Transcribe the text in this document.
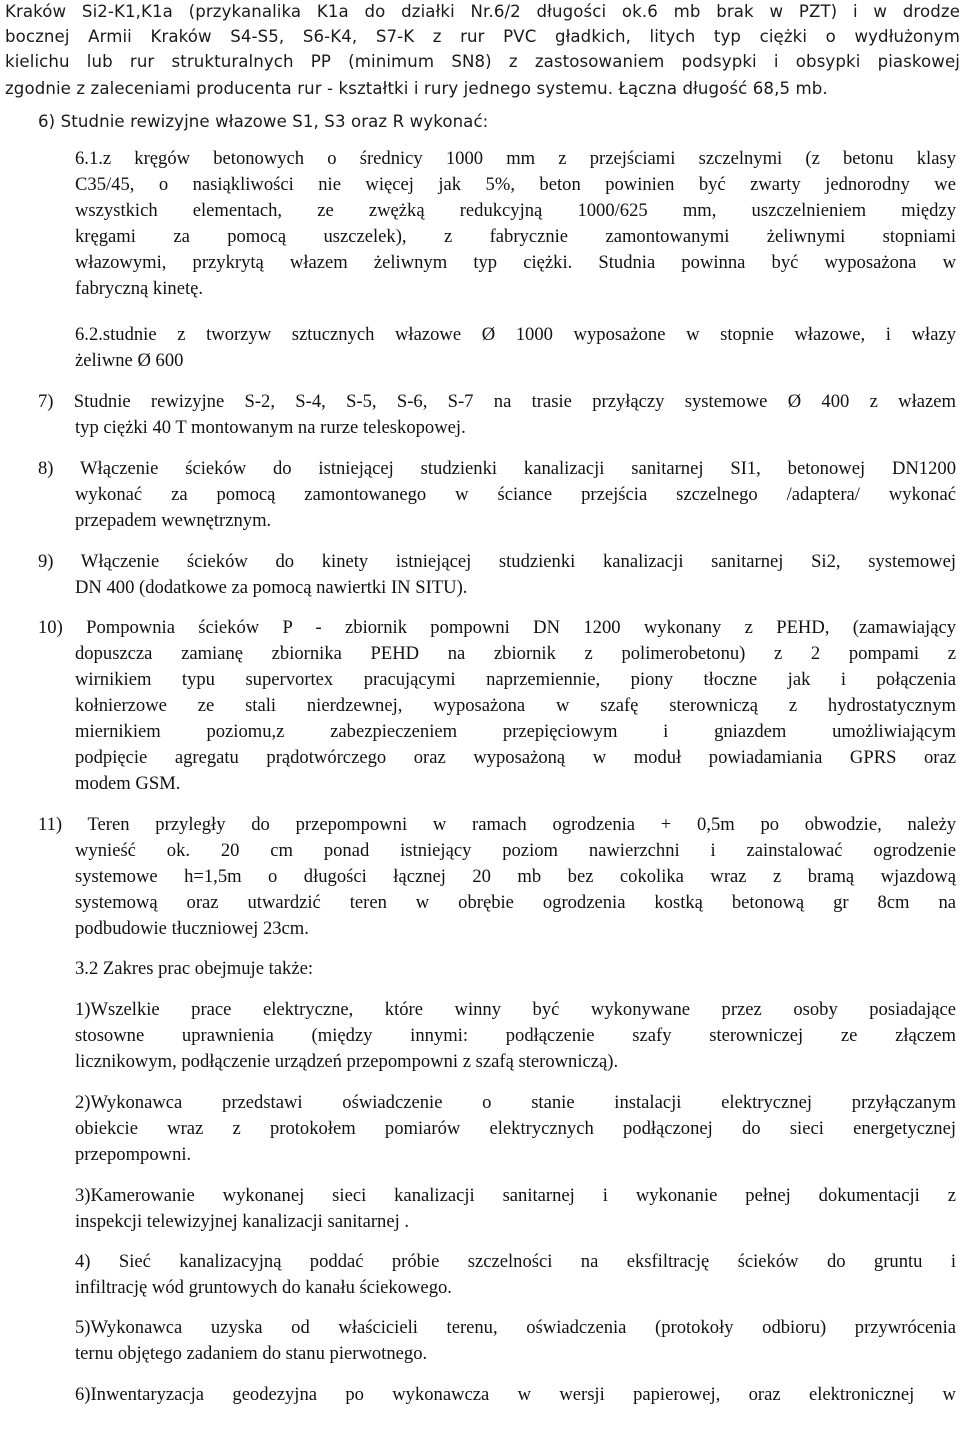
Kraków Si2-K1,K1a (przykanalika K1a do działki Nr.6/2 długości ok.6 mb brak w PZT) i w drodze
bocznej Armii Kraków S4-S5, S6-K4, S7-K z rur PVC gładkich, litych typ ciężki o wydłużonym
kielichu lub rur strukturalnych PP (minimum SN8) z zastosowaniem podsypki i obsypki piaskowej
zgodnie z zaleceniami producenta rur - kształtki i rury jednego systemu. Łączna długość 68,5 mb.
6) Studnie rewizyjne włazowe S1, S3 oraz R wykonać:
6.1.z kręgów betonowych o średnicy 1000 mm z przejściami szczelnymi (z betonu klasy
C35/45, o nasiąkliwości nie więcej jak 5%, beton powinien być zwarty jednorodny we
wszystkich elementach, ze zwężką redukcyjną 1000/625 mm, uszczelnieniem między
kręgami za pomocą uszczelek), z fabrycznie zamontowanymi żeliwnymi stopniami
włazowymi, przykrytą włazem żeliwnym typ ciężki. Studnia powinna być wyposażona w
fabryczną kinetę.
6.2.studnie z tworzyw sztucznych włazowe Ø 1000 wyposażone w stopnie włazowe, i włazy
żeliwne Ø 600
7) Studnie rewizyjne S-2, S-4, S-5, S-6, S-7 na trasie przyłączy systemowe Ø 400 z włazem
typ ciężki 40 T montowanym na rurze teleskopowej.
8) Włączenie ścieków do istniejącej studzienki kanalizacji sanitarnej SI1, betonowej DN1200
wykonać za pomocą zamontowanego w ściance przejścia szczelnego /adaptera/ wykonać
przepadem wewnętrznym.
9) Włączenie ścieków do kinety istniejącej studzienki kanalizacji sanitarnej Si2, systemowej
DN 400 (dodatkowe za pomocą nawiertki IN SITU).
10) Pompownia ścieków P - zbiornik pompowni DN 1200 wykonany z PEHD, (zamawiający
dopuszcza zamianę zbiornika PEHD na zbiornik z polimerobetonu) z 2 pompami z
wirnikiem typu supervortex pracującymi naprzemiennie, piony tłoczne jak i połączenia
kołnierzowe ze stali nierdzewnej, wyposażona w szafę sterowniczą z hydrostatycznym
miernikiem poziomu,z zabezpieczeniem przepięciowym i gniazdem umożliwiającym
podpięcie agregatu prądotwórczego oraz wyposażoną w moduł powiadamiania GPRS oraz
modem GSM.
11) Teren przyległy do przepompowni w ramach ogrodzenia + 0,5m po obwodzie, należy
wynieść ok. 20 cm ponad istniejący poziom nawierzchni i zainstalować ogrodzenie
systemowe h=1,5m o długości łącznej 20 mb bez cokolika wraz z bramą wjazdową
systemową oraz utwardzić teren w obrębie ogrodzenia kostką betonową gr 8cm na
podbudowie tłuczniowej 23cm.
3.2 Zakres prac obejmuje także:
1)Wszelkie prace elektryczne, które winny być wykonywane przez osoby posiadające
stosowne uprawnienia (między innymi: podłączenie szafy sterowniczej ze złączem
licznikowym, podłączenie urządzeń przepompowni z szafą sterowniczą).
2)Wykonawca przedstawi oświadczenie o stanie instalacji elektrycznej przyłączanym
obiekcie wraz z protokołem pomiarów elektrycznych podłączonej do sieci energetycznej
przepompowni.
3)Kamerowanie wykonanej sieci kanalizacji sanitarnej i wykonanie pełnej dokumentacji z
inspekcji telewizyjnej kanalizacji sanitarnej .
4) Sieć kanalizacyjną poddać próbie szczelności na eksfiltrację ścieków do gruntu i
infiltrację wód gruntowych do kanału ściekowego.
5)Wykonawca uzyska od właścicieli terenu, oświadczenia (protokoły odbioru) przywrócenia
ternu objętego zadaniem do stanu pierwotnego.
6)Inwentaryzacja geodezyjna po wykonawcza w wersji papierowej, oraz elektronicznej w
